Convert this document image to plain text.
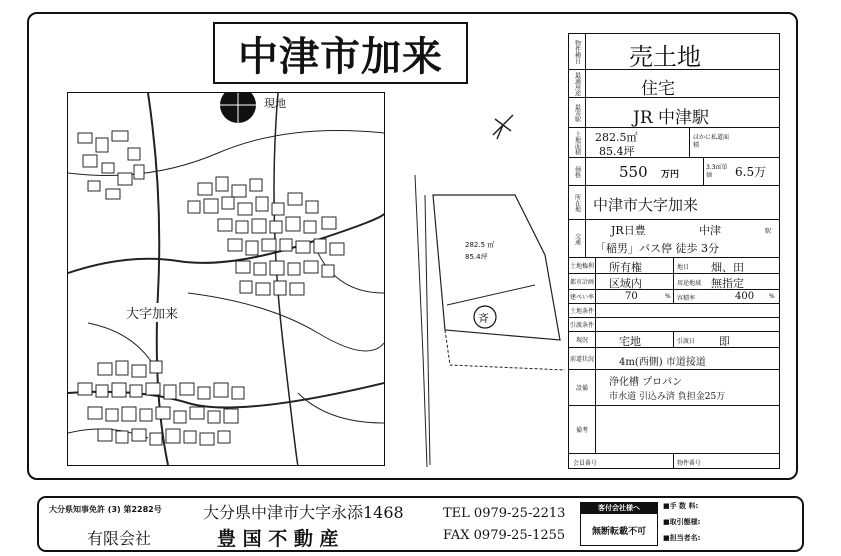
中津市加来
現地
大字加来	斉
282.5 ㎡
85.4坪
物件種目 売土地
最適用途	住宅
最寄駅	JR 中津駅
土地面積	282.5㎡
85.4坪
ほかに私道面積
価格	550 万円
3.3㎡単価	6.5万
所在地 中津市大字加来
交通
JR日豊	中津	駅
「稲男」バス停 徒歩 3分
土地権利 所有権	地目 畑、田
都市計画 区域内	用途地域 無指定
建ぺい率	70	% 容積率	400 %
土地条件
引渡条件
現況	宅地	引渡日 即
前道状況	4m(西側) 市道接道
設備
浄化槽 プロパン
市水道 引込み済 負担金25万
備考
会員番号	物件番号
大分県知事免許 (3) 第2282号	大分県中津市大字永添1468
有限会社	豊 国 不 動 産
TEL 0979-25-2213
FAX 0979-25-1255
客付会社様へ
無断転載不可
■手 数 料:
■取引態様:
■担当者名:
